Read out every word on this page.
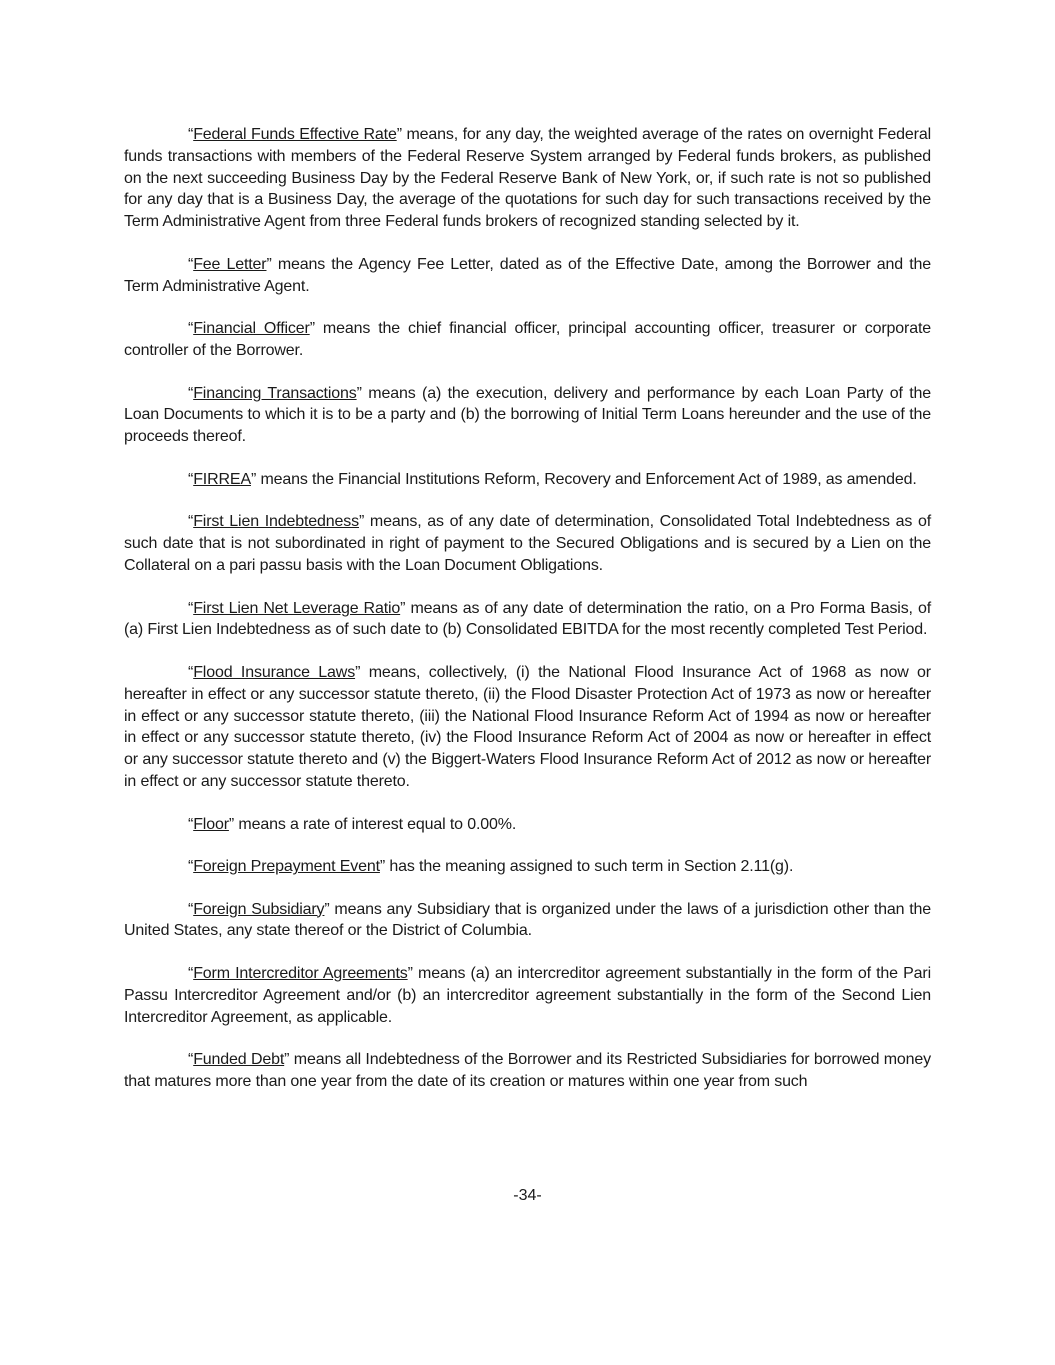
“Federal Funds Effective Rate” means, for any day, the weighted average of the rates on overnight Federal funds transactions with members of the Federal Reserve System arranged by Federal funds brokers, as published on the next succeeding Business Day by the Federal Reserve Bank of New York, or, if such rate is not so published for any day that is a Business Day, the average of the quotations for such day for such transactions received by the Term Administrative Agent from three Federal funds brokers of recognized standing selected by it.

“Fee Letter” means the Agency Fee Letter, dated as of the Effective Date, among the Borrower and the Term Administrative Agent.

“Financial Officer” means the chief financial officer, principal accounting officer, treasurer or corporate controller of the Borrower.

“Financing Transactions” means (a) the execution, delivery and performance by each Loan Party of the Loan Documents to which it is to be a party and (b) the borrowing of Initial Term Loans hereunder and the use of the proceeds thereof.

“FIRREA” means the Financial Institutions Reform, Recovery and Enforcement Act of 1989, as amended.

“First Lien Indebtedness” means, as of any date of determination, Consolidated Total Indebtedness as of such date that is not subordinated in right of payment to the Secured Obligations and is secured by a Lien on the Collateral on a pari passu basis with the Loan Document Obligations.

“First Lien Net Leverage Ratio” means as of any date of determination the ratio, on a Pro Forma Basis, of (a) First Lien Indebtedness as of such date to (b) Consolidated EBITDA for the most recently completed Test Period.

“Flood Insurance Laws” means, collectively, (i) the National Flood Insurance Act of 1968 as now or hereafter in effect or any successor statute thereto, (ii) the Flood Disaster Protection Act of 1973 as now or hereafter in effect or any successor statute thereto, (iii) the National Flood Insurance Reform Act of 1994 as now or hereafter in effect or any successor statute thereto, (iv) the Flood Insurance Reform Act of 2004 as now or hereafter in effect or any successor statute thereto and (v) the Biggert-Waters Flood Insurance Reform Act of 2012 as now or hereafter in effect or any successor statute thereto.

“Floor” means a rate of interest equal to 0.00%.

“Foreign Prepayment Event” has the meaning assigned to such term in Section 2.11(g).

“Foreign Subsidiary” means any Subsidiary that is organized under the laws of a jurisdiction other than the United States, any state thereof or the District of Columbia.

“Form Intercreditor Agreements” means (a) an intercreditor agreement substantially in the form of the Pari Passu Intercreditor Agreement and/or (b) an intercreditor agreement substantially in the form of the Second Lien Intercreditor Agreement, as applicable.

“Funded Debt” means all Indebtedness of the Borrower and its Restricted Subsidiaries for borrowed money that matures more than one year from the date of its creation or matures within one year from such

-34-
